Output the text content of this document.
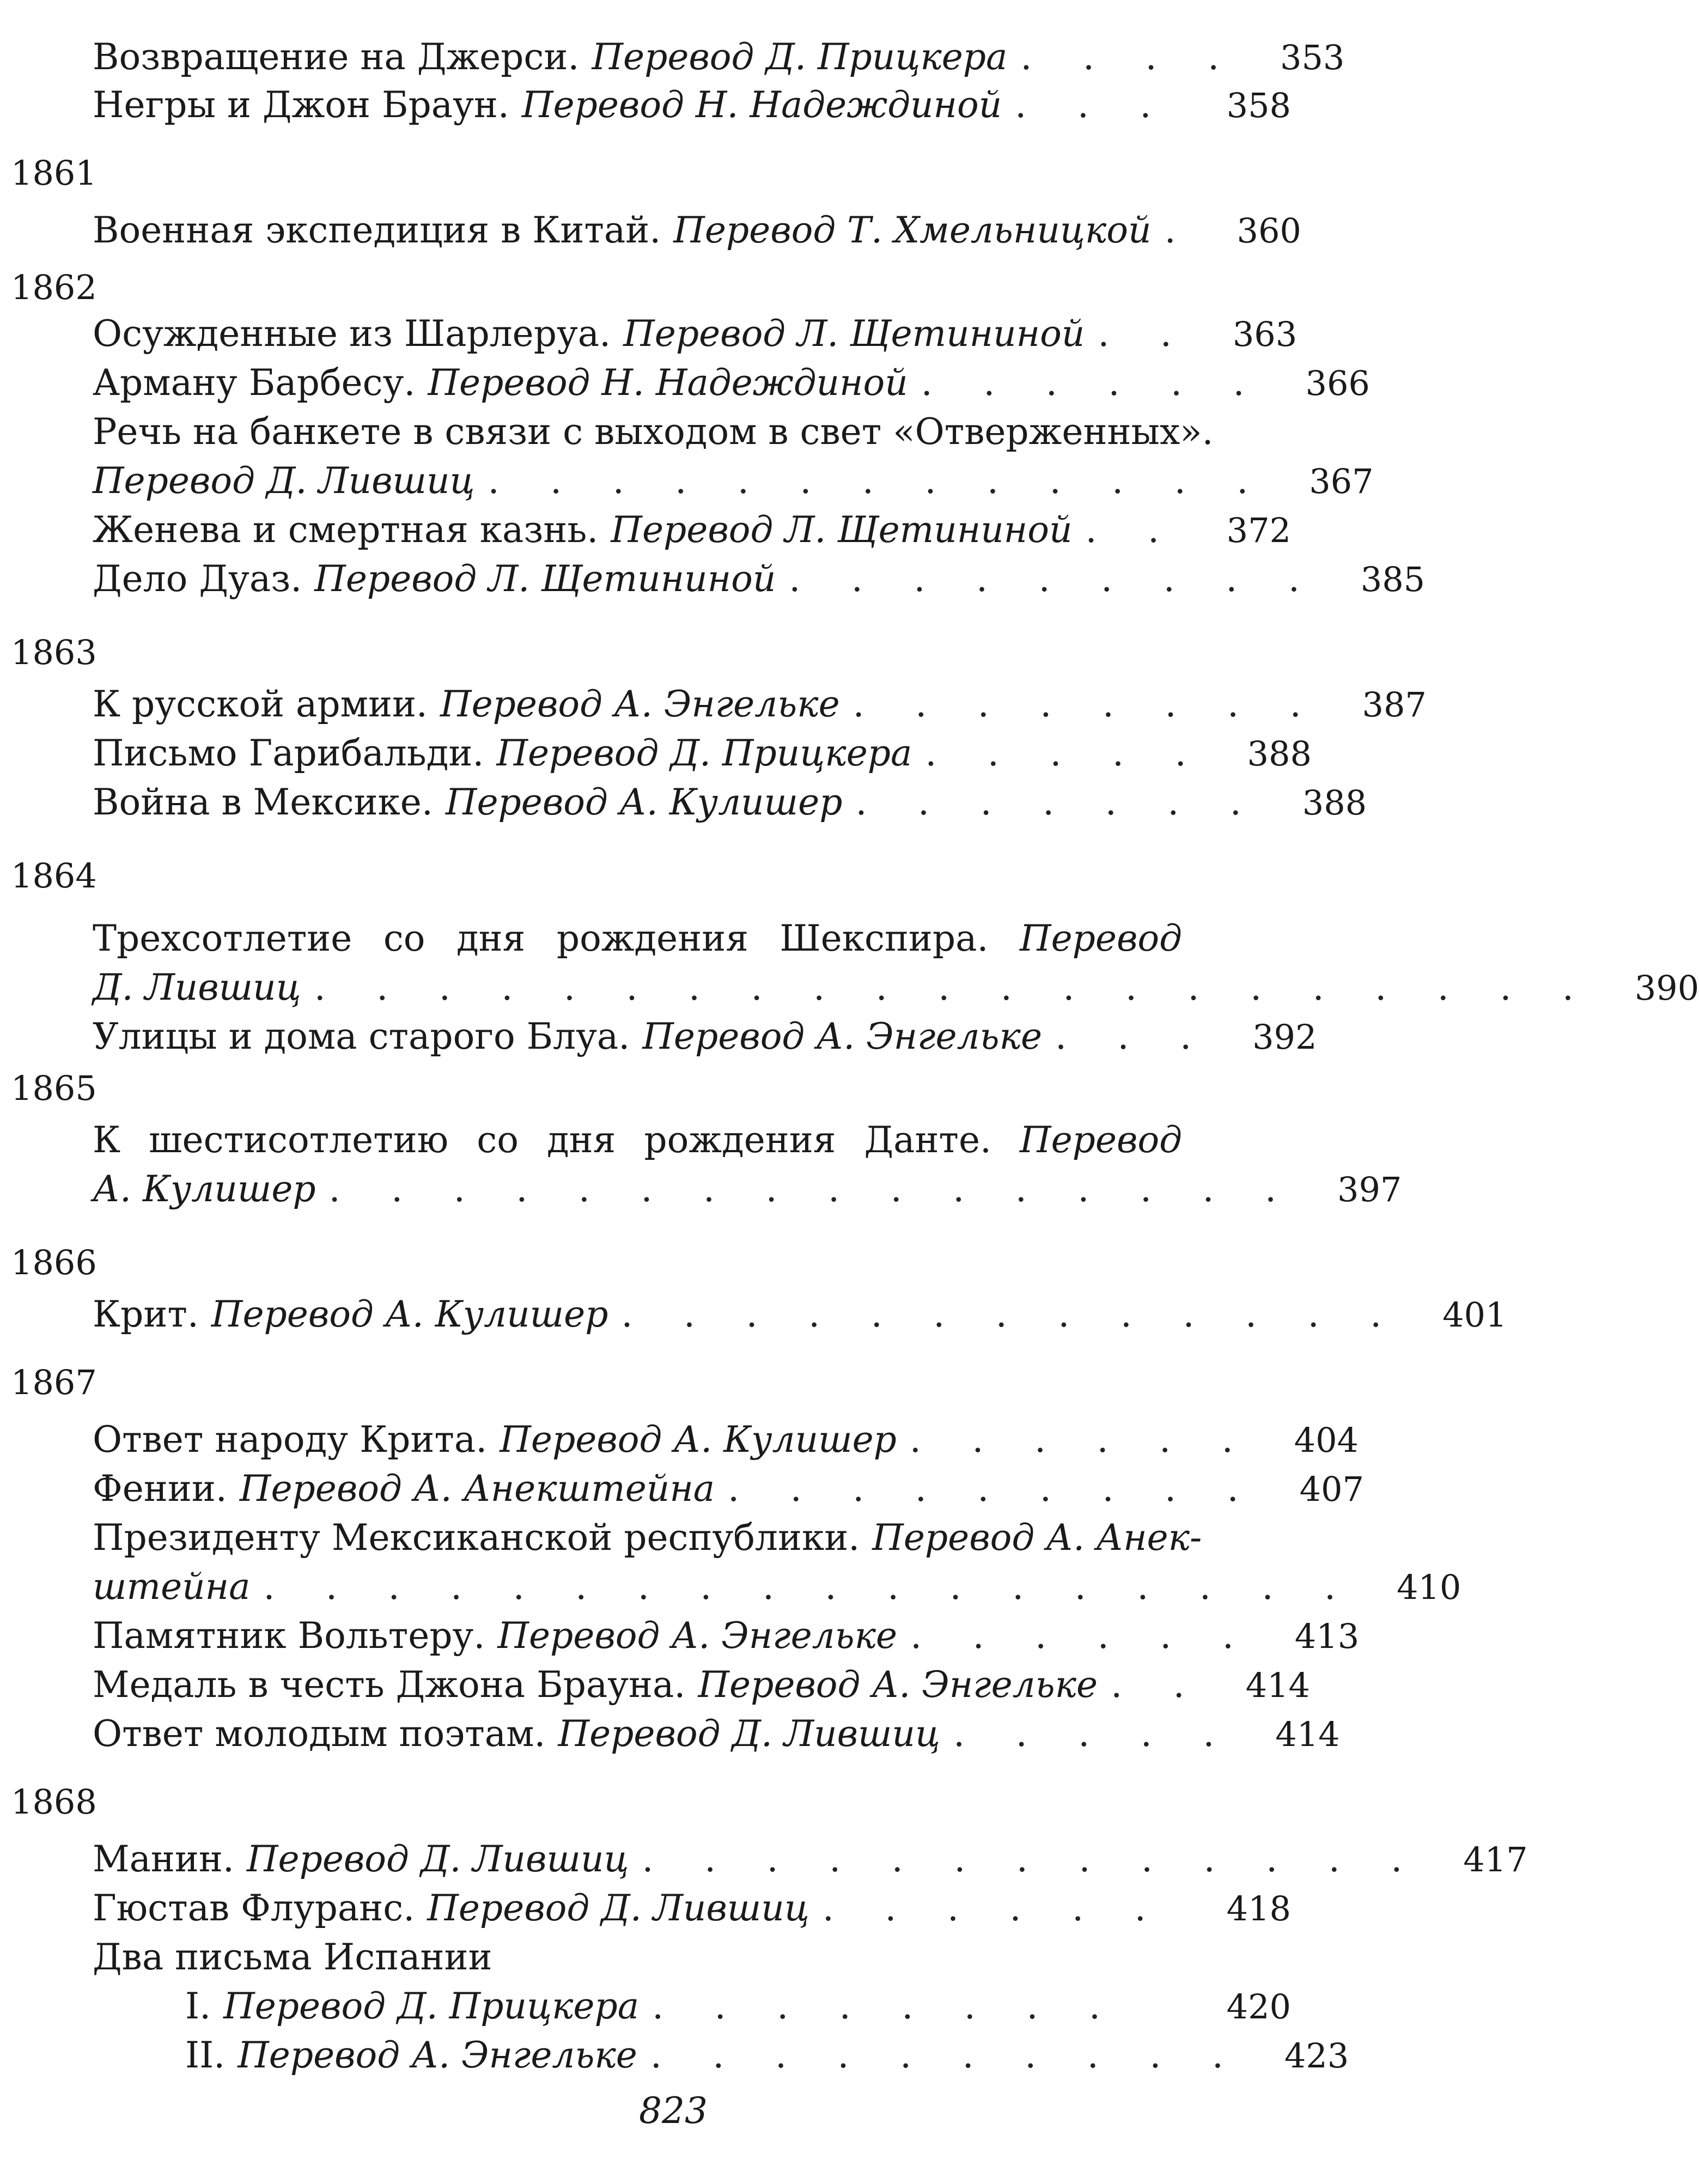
Возвращение на Джерси. Перевод Д. Прицкера . . . .	353
Негры и Джон Браун. Перевод Н. Надеждиной . . .	358
1861
Военная экспедиция в Китай. Перевод Т. Хмельницкой .	360
1862
Осужденные из Шарлеруа. Перевод Л. Щетининой . .	363
Арману Барбесу. Перевод Н. Надеждиной . . . . . .	366
Речь на банкете в связи с выходом в свет «Отверженных».
Перевод Д. Лившиц . . . . . . . . . . . . .	367
Женева и смертная казнь. Перевод Л. Щетининой . .	372
Дело Дуаз. Перевод Л. Щетининой . . . . . . . . .	385
1863
К русской армии. Перевод А. Энгельке . . . . . . . .	387
Письмо Гарибальди. Перевод Д. Прицкера . . . . .	388
Война в Мексике. Перевод А. Кулишер . . . . . . .	388
1864
Трехсотлетие со дня рождения Шекспира. Перевод
Д. Лившиц . . . . . . . . . . . . . . . . . . . . .	390
Улицы и дома старого Блуа. Перевод А. Энгельке . . .	392
1865
К шестисотлетию со дня рождения Данте. Перевод
А. Кулишер . . . . . . . . . . . . . . . .	397
1866
Крит. Перевод А. Кулишер . . . . . . . . . . . . .	401
1867
Ответ народу Крита. Перевод А. Кулишер . . . . . .	404
Фении. Перевод А. Анекштейна . . . . . . . . .	407
Президенту Мексиканской республики. Перевод А. Анек-
штейна . . . . . . . . . . . . . . . . . .	410
Памятник Вольтеру. Перевод А. Энгельке . . . . . .	413
Медаль в честь Джона Брауна. Перевод А. Энгельке . .	414
Ответ молодым поэтам. Перевод Д. Лившиц . . . . .	414
1868
Манин. Перевод Д. Лившиц . . . . . . . . . . . . .	417
Гюстав Флуранс. Перевод Д. Лившиц . . . . . .	418
Два письма Испании
I. Перевод Д. Прицкера . . . . . . . .	420
II. Перевод А. Энгельке . . . . . . . . . .	423
823
